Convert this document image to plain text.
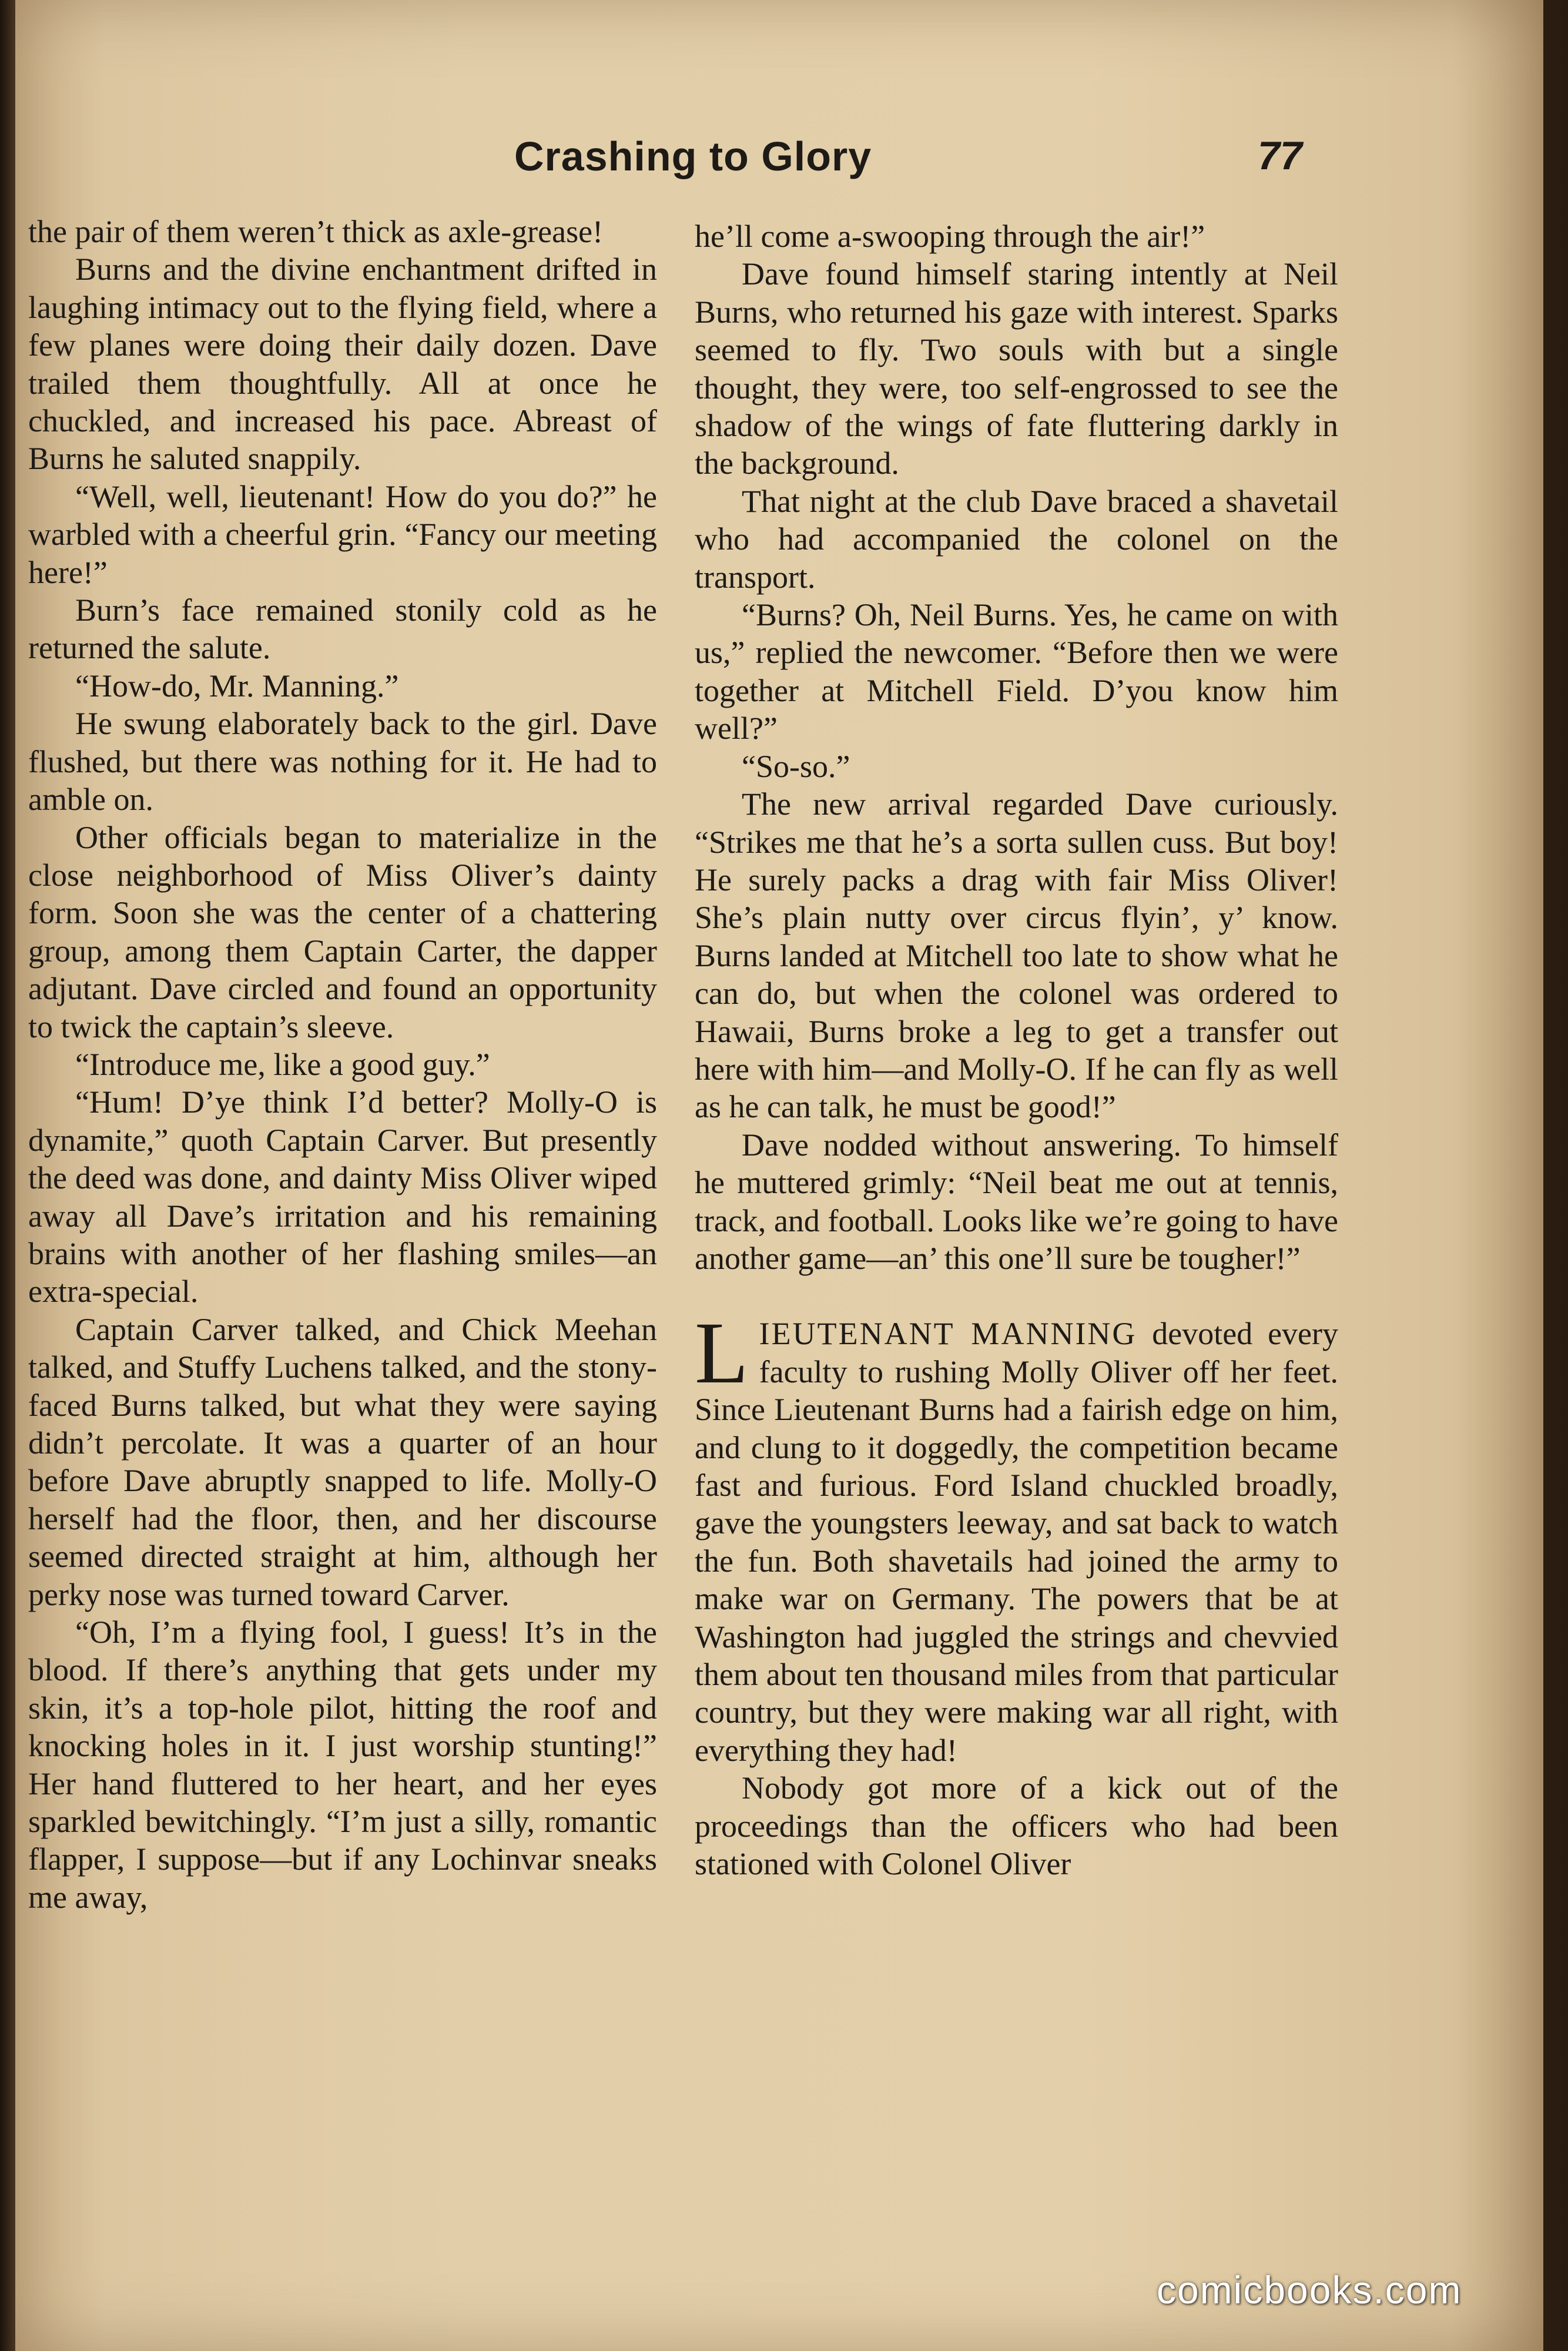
Crashing to Glory	77

the pair of them weren’t thick as axle-grease!

Burns and the divine enchantment drifted in laughing intimacy out to the flying field, where a few planes were doing their daily dozen. Dave trailed them thoughtfully. All at once he chuckled, and increased his pace. Abreast of Burns he saluted snappily.

“Well, well, lieutenant! How do you do?” he warbled with a cheerful grin. “Fancy our meeting here!”

Burn’s face remained stonily cold as he returned the salute.

“How-do, Mr. Manning.”

He swung elaborately back to the girl. Dave flushed, but there was nothing for it. He had to amble on.

Other officials began to materialize in the close neighborhood of Miss Oliver’s dainty form. Soon she was the center of a chattering group, among them Captain Carter, the dapper adjutant. Dave circled and found an opportunity to twick the captain’s sleeve.

“Introduce me, like a good guy.”

“Hum! D’ye think I’d better? Molly-O is dynamite,” quoth Captain Carver. But presently the deed was done, and dainty Miss Oliver wiped away all Dave’s irritation and his remaining brains with another of her flashing smiles—an extra-special.

Captain Carver talked, and Chick Meehan talked, and Stuffy Luchens talked, and the stony-faced Burns talked, but what they were saying didn’t percolate. It was a quarter of an hour before Dave abruptly snapped to life. Molly-O herself had the floor, then, and her discourse seemed directed straight at him, although her perky nose was turned toward Carver.

“Oh, I’m a flying fool, I guess! It’s in the blood. If there’s anything that gets under my skin, it’s a top-hole pilot, hitting the roof and knocking holes in it. I just worship stunting!” Her hand fluttered to her heart, and her eyes sparkled bewitchingly. “I’m just a silly, romantic flapper, I suppose—but if any Lochinvar sneaks me away,

he’ll come a-swooping through the air!”

Dave found himself staring intently at Neil Burns, who returned his gaze with interest. Sparks seemed to fly. Two souls with but a single thought, they were, too self-engrossed to see the shadow of the wings of fate fluttering darkly in the background.

That night at the club Dave braced a shavetail who had accompanied the colonel on the transport.

“Burns? Oh, Neil Burns. Yes, he came on with us,” replied the newcomer. “Before then we were together at Mitchell Field. D’you know him well?”

“So-so.”

The new arrival regarded Dave curiously. “Strikes me that he’s a sorta sullen cuss. But boy! He surely packs a drag with fair Miss Oliver! She’s plain nutty over circus flyin’, y’ know. Burns landed at Mitchell too late to show what he can do, but when the colonel was ordered to Hawaii, Burns broke a leg to get a transfer out here with him—and Molly-O. If he can fly as well as he can talk, he must be good!”

Dave nodded without answering. To himself he muttered grimly: “Neil beat me out at tennis, track, and football. Looks like we’re going to have another game—an’ this one’ll sure be tougher!”

LIEUTENANT MANNING devoted every faculty to rushing Molly Oliver off her feet. Since Lieutenant Burns had a fairish edge on him, and clung to it doggedly, the competition became fast and furious. Ford Island chuckled broadly, gave the youngsters leeway, and sat back to watch the fun. Both shavetails had joined the army to make war on Germany. The powers that be at Washington had juggled the strings and chevvied them about ten thousand miles from that particular country, but they were making war all right, with everything they had!

Nobody got more of a kick out of the proceedings than the officers who had been stationed with Colonel Oliver

comicbooks.com
